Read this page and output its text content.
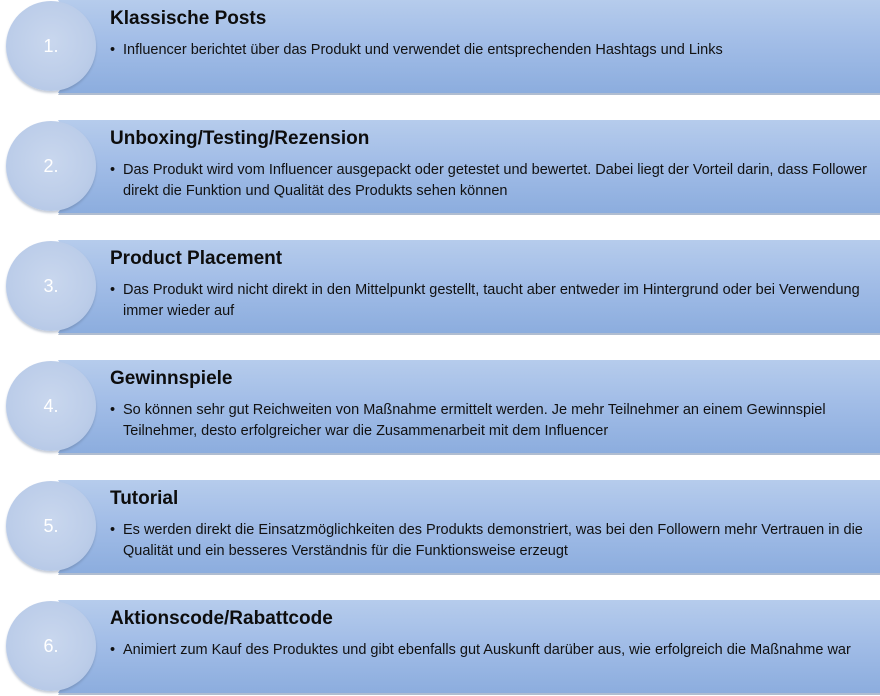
1.
Klassische Posts
• Influencer berichtet über das Produkt und verwendet die entsprechenden Hashtags und Links
2.
Unboxing/Testing/Rezension
• Das Produkt wird vom Influencer ausgepackt oder getestet und bewertet. Dabei liegt der Vorteil darin, dass Follower direkt die Funktion und Qualität des Produkts sehen können
3.
Product Placement
• Das Produkt wird nicht direkt in den Mittelpunkt gestellt, taucht aber entweder im Hintergrund oder bei Verwendung immer wieder auf
4.
Gewinnspiele
• So können sehr gut Reichweiten von Maßnahme ermittelt werden. Je mehr Teilnehmer an einem Gewinnspiel Teilnehmer, desto erfolgreicher war die Zusammenarbeit mit dem Influencer
5.
Tutorial
• Es werden direkt die Einsatzmöglichkeiten des Produkts demonstriert, was bei den Followern mehr Vertrauen in die Qualität und ein besseres Verständnis für die Funktionsweise erzeugt
6.
Aktionscode/Rabattcode
• Animiert zum Kauf des Produktes und gibt ebenfalls gut Auskunft darüber aus, wie erfolgreich die Maßnahme war
